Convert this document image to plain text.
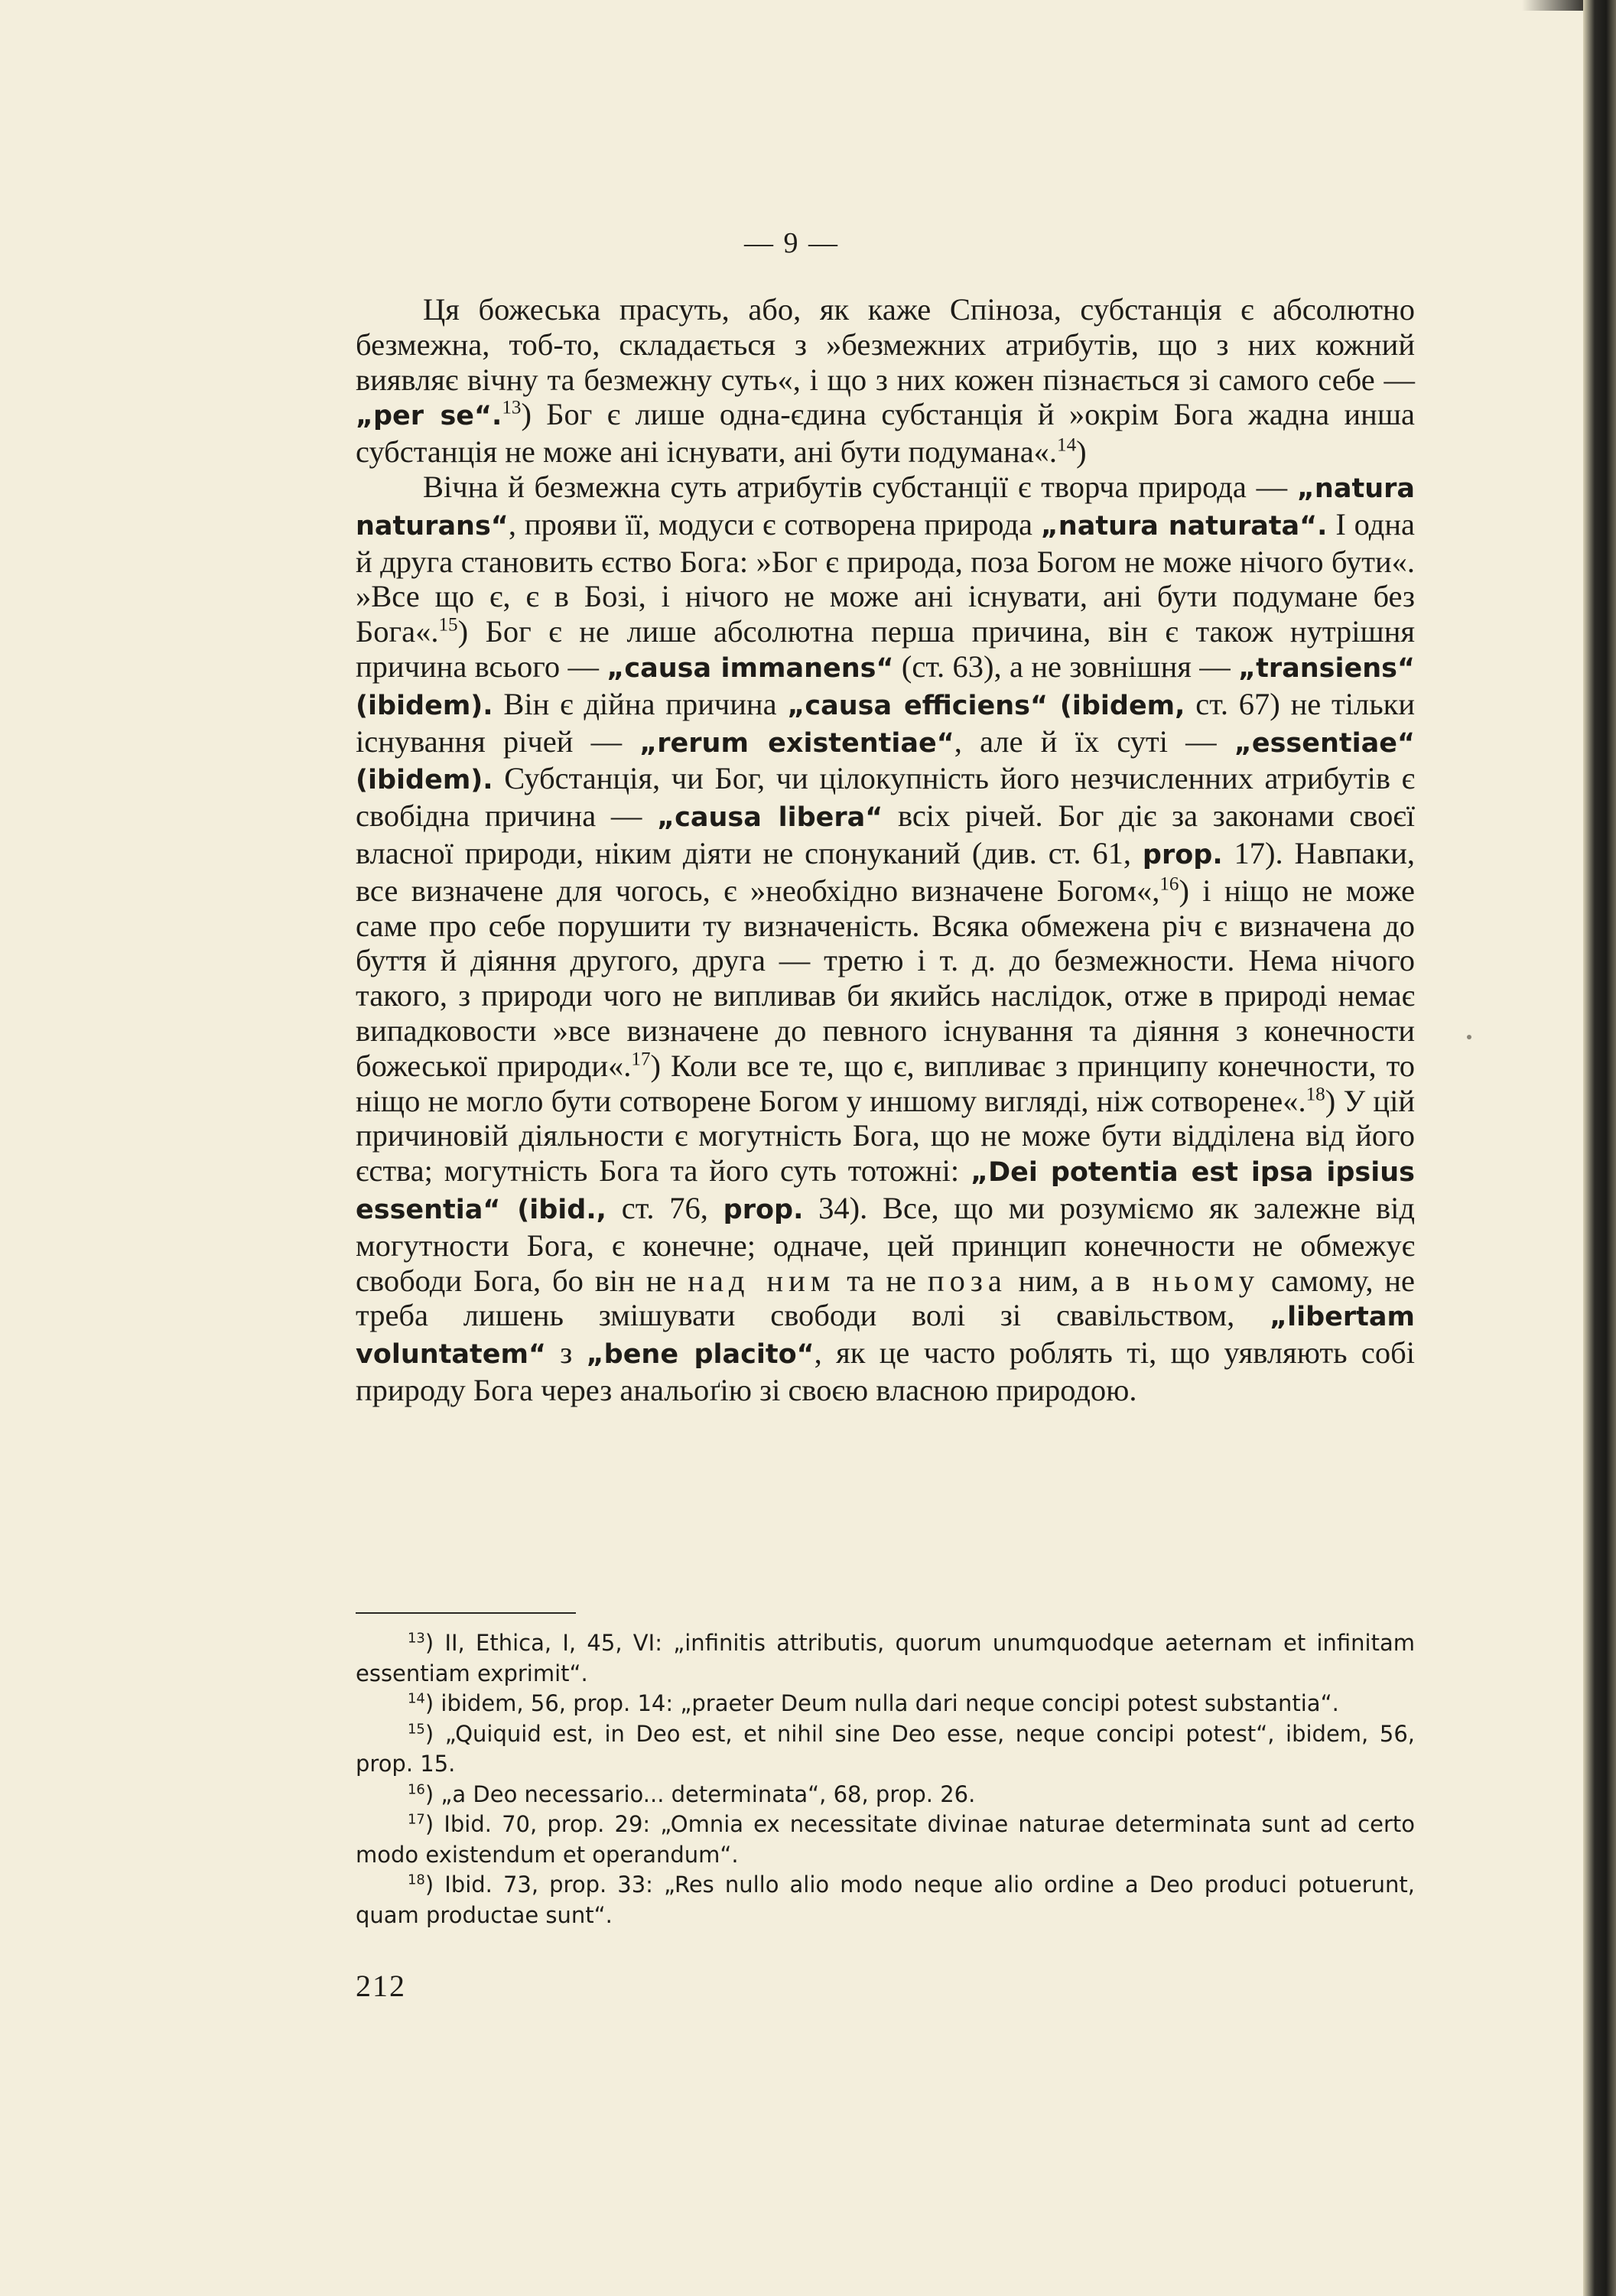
— 9 —

Ця божеська прасуть, або, як каже Спіноза, субстанція є абсолютно безмежна, тоб-то, складається з »безмежних атрибутів, що з них кожний виявляє вічну та безмежну суть«, і що з них кожен пізнається зі самого себе — „per se“.$^{13}$) Бог є лише одна-єдина субстанція й »окрім Бога жадна инша субстанція не може ані існувати, ані бути подумана«.$^{14}$)

Вічна й безмежна суть атрибутів субстанції є творча природа — „natura naturans“, прояви її, модуси є сотворена природа „natura naturata“. І одна й друга становить єство Бога: »Бог є природа, поза Богом не може нічого бути«. »Все що є, є в Бозі, і нічого не може ані існувати, ані бути подумане без Бога«.$^{15}$) Бог є не лише абсолютна перша причина, він є також нутрішня причина всього — „causa immanens“ (ст. 63), а не зовнішня — „transiens“ (ibidem). Він є дійна причина „causa efficiens“ (ibidem, ст. 67) не тільки існування річей — „rerum existentiae“, але й їх суті — „essentiae“ (ibidem). Субстанція, чи Бог, чи цілокупність його незчисленних атрибутів є свобідна причина — „causa libera“ всіх річей. Бог діє за законами своєї власної природи, ніким діяти не спонуканий (див. ст. 61, prop. 17). Навпаки, все визначене для чогось, є »необхідно визначене Богом«,$^{16}$) і ніщо не може саме про себе порушити ту визначеність. Всяка обмежена річ є визначена до буття й діяння другого, друга — третю і т. д. до безмежности. Нема нічого такого, з природи чого не випливав би якийсь наслідок, отже в природі немає випадковости »все визначене до певного існування та діяння з конечности божеської природи«.$^{17}$) Коли все те, що є, випливає з принципу конечности, то ніщо не могло бути сотворене Богом у иншому вигляді, ніж сотворене«.$^{18}$) У цій причиновій діяльности є могутність Бога, що не може бути відділена від його єства; могутність Бога та його суть тотожні: „Dei potentia est ipsa ipsius essentia“ (ibid., ст. 76, prop. 34). Все, що ми розуміємо як залежне від могутности Бога, є конечне; одначе, цей принцип конечности не обмежує свободи Бога, бо він не над ним та не поза ним, а в ньому самому, не треба лишень змішувати свободи волі зі свавільством, „libertam voluntatem“ з „bene placito“, як це часто роблять ті, що уявляють собі природу Бога через анальоґію зі своєю власною природою.

$^{13}$) II, Ethica, I, 45, VI: „infinitis attributis, quorum unumquodque aeternam et infinitam essentiam exprimit“.

$^{14}$) ibidem, 56, prop. 14: „praeter Deum nulla dari neque concipi potest substantia“.

$^{15}$) „Quiquid est, in Deo est, et nihil sine Deo esse, neque concipi potest“, ibidem, 56, prop. 15.

$^{16}$) „a Deo necessario... determinata“, 68, prop. 26.

$^{17}$) Ibid. 70, prop. 29: „Omnia ex necessitate divinae naturae determinata sunt ad certo modo existendum et operandum“.

$^{18}$) Ibid. 73, prop. 33: „Res nullo alio modo neque alio ordine a Deo produci potuerunt, quam productae sunt“.

212
